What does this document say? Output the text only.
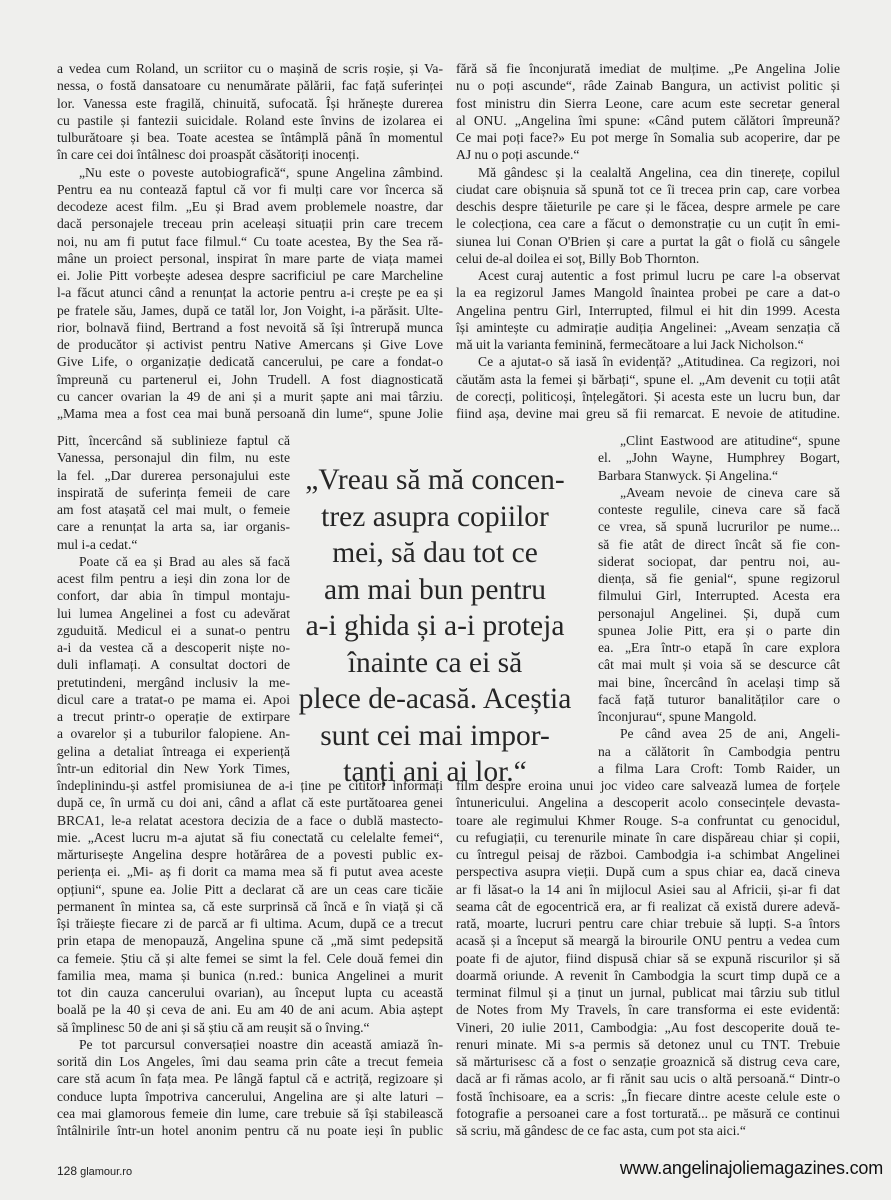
a vedea cum Roland, un scriitor cu o mașină de scris roșie, și Va-
nessa, o fostă dansatoare cu nenumărate pălării, fac față suferinței
lor. Vanessa este fragilă, chinuită, sufocată. Își hrănește durerea
cu pastile și fantezii suicidale. Roland este învins de izolarea ei
tulburătoare și bea. Toate acestea se întâmplă până în momentul
în care cei doi întâlnesc doi proaspăt căsătoriți inocenți.
„Nu este o poveste autobiografică“, spune Angelina zâmbind.
Pentru ea nu contează faptul că vor fi mulți care vor încerca să
decodeze acest film. „Eu și Brad avem problemele noastre, dar
dacă personajele treceau prin aceleași situații prin care trecem
noi, nu am fi putut face filmul.“ Cu toate acestea, By the Sea ră-
mâne un proiect personal, inspirat în mare parte de viața mamei
ei. Jolie Pitt vorbește adesea despre sacrificiul pe care Marcheline
l-a făcut atunci când a renunțat la actorie pentru a-i crește pe ea și
pe fratele său, James, după ce tatăl lor, Jon Voight, i-a părăsit. Ulte-
rior, bolnavă fiind, Bertrand a fost nevoită să își întrerupă munca
de producător și activist pentru Native Amercans și Give Love
Give Life, o organizație dedicată cancerului, pe care a fondat-o
împreună cu partenerul ei, John Trudell. A fost diagnosticată
cu cancer ovarian la 49 de ani și a murit șapte ani mai târziu.
„Mama mea a fost cea mai bună persoană din lume“, spune Jolie
Pitt, încercând să sublinieze faptul că
Vanessa, personajul din film, nu este
la fel. „Dar durerea personajului este
inspirată de suferința femeii de care
am fost atașată cel mai mult, o femeie
care a renunțat la arta sa, iar organis-
mul i-a cedat.“
Poate că ea și Brad au ales să facă
acest film pentru a ieși din zona lor de
confort, dar abia în timpul montaju-
lui lumea Angelinei a fost cu adevărat
zguduită. Medicul ei a sunat-o pentru
a-i da vestea că a descoperit niște no-
duli inflamați. A consultat doctori de
pretutindeni, mergând inclusiv la me-
dicul care a tratat-o pe mama ei. Apoi
a trecut printr-o operație de extirpare
a ovarelor și a tuburilor falopiene. An-
gelina a detaliat întreaga ei experiență
într-un editorial din New York Times,
îndeplinindu-și astfel promisiunea de a-i ține pe cititori informați
după ce, în urmă cu doi ani, când a aflat că este purtătoarea genei
BRCA1, le-a relatat acestora decizia de a face o dublă mastecto-
mie. „Acest lucru m-a ajutat să fiu conectată cu celelalte femei“,
mărturisește Angelina despre hotărârea de a povesti public ex-
periența ei. „Mi- aș fi dorit ca mama mea să fi putut avea aceste
opțiuni“, spune ea. Jolie Pitt a declarat că are un ceas care ticăie
permanent în mintea sa, că este surprinsă că încă e în viață și că
își trăiește fiecare zi de parcă ar fi ultima. Acum, după ce a trecut
prin etapa de menopauză, Angelina spune că „mă simt pedepsită
ca femeie. Știu că și alte femei se simt la fel. Cele două femei din
familia mea, mama și bunica (n.red.: bunica Angelinei a murit
tot din cauza cancerului ovarian), au început lupta cu această
boală pe la 40 și ceva de ani. Eu am 40 de ani acum. Abia aștept
să împlinesc 50 de ani și să știu că am reușit să o înving.“
Pe tot parcursul conversației noastre din această amiază în-
sorită din Los Angeles, îmi dau seama prin câte a trecut femeia
care stă acum în fața mea. Pe lângă faptul că e actriță, regizoare și
conduce lupta împotriva cancerului, Angelina are și alte laturi –
cea mai glamorous femeie din lume, care trebuie să își stabilească
întâlnirile într-un hotel anonim pentru că nu poate ieși în public
fără să fie înconjurată imediat de mulțime. „Pe Angelina Jolie
nu o poți ascunde“, râde Zainab Bangura, un activist politic și
fost ministru din Sierra Leone, care acum este secretar general
al ONU. „Angelina îmi spune: «Când putem călători împreună?
Ce mai poți face?» Eu pot merge în Somalia sub acoperire, dar pe
AJ nu o poți ascunde.“
Mă gândesc și la cealaltă Angelina, cea din tinerețe, copilul
ciudat care obișnuia să spună tot ce îi trecea prin cap, care vorbea
deschis despre tăieturile pe care și le făcea, despre armele pe care
le colecționa, cea care a făcut o demonstrație cu un cuțit în emi-
siunea lui Conan O'Brien și care a purtat la gât o fiolă cu sângele
celui de-al doilea ei soț, Billy Bob Thornton.
Acest curaj autentic a fost primul lucru pe care l-a observat
la ea regizorul James Mangold înaintea probei pe care a dat-o
Angelina pentru Girl, Interrupted, filmul ei hit din 1999. Acesta
își amintește cu admirație audiția Angelinei: „Aveam senzația că
mă uit la varianta feminină, fermecătoare a lui Jack Nicholson.“
Ce a ajutat-o să iasă în evidență? „Atitudinea. Ca regizori, noi
căutăm asta la femei și bărbați“, spune el. „Am devenit cu toții atât
de corecți, politicoși, înțelegători. Și acesta este un lucru bun, dar
fiind așa, devine mai greu să fii remarcat. E nevoie de atitudine.
„Clint Eastwood are atitudine“, spune
el. „John Wayne, Humphrey Bogart,
Barbara Stanwyck. Și Angelina.“
„Aveam nevoie de cineva care să
conteste regulile, cineva care să facă
ce vrea, să spună lucrurilor pe nume...
să fie atât de direct încât să fie con-
siderat sociopat, dar pentru noi, au-
diența, să fie genial“, spune regizorul
filmului Girl, Interrupted. Acesta era
personajul Angelinei. Și, după cum
spunea Jolie Pitt, era și o parte din
ea. „Era într-o etapă în care explora
cât mai mult și voia să se descurce cât
mai bine, încercând în același timp să
facă față tuturor banalităților care o
înconjurau“, spune Mangold.
Pe când avea 25 de ani, Angeli-
na a călătorit în Cambodgia pentru
a filma Lara Croft: Tomb Raider, un
film despre eroina unui joc video care salvează lumea de forțele
întunericului. Angelina a descoperit acolo consecințele devasta-
toare ale regimului Khmer Rouge. S-a confruntat cu genocidul,
cu refugiații, cu terenurile minate în care dispăreau chiar și copii,
cu întregul peisaj de război. Cambodgia i-a schimbat Angelinei
perspectiva asupra vieții. După cum a spus chiar ea, dacă cineva
ar fi lăsat-o la 14 ani în mijlocul Asiei sau al Africii, și-ar fi dat
seama cât de egocentrică era, ar fi realizat că există durere adevă-
rată, moarte, lucruri pentru care chiar trebuie să lupți. S-a întors
acasă și a început să meargă la birourile ONU pentru a vedea cum
poate fi de ajutor, fiind dispusă chiar să se expună riscurilor și să
doarmă oriunde. A revenit în Cambodgia la scurt timp după ce a
terminat filmul și a ținut un jurnal, publicat mai târziu sub titlul
de Notes from My Travels, în care transforma ei este evidentă:
Vineri, 20 iulie 2011, Cambodgia: „Au fost descoperite două te-
renuri minate. Mi s-a permis să detonez unul cu TNT. Trebuie
să mărturisesc că a fost o senzație groaznică să distrug ceva care,
dacă ar fi rămas acolo, ar fi rănit sau ucis o altă persoană.“ Dintr-o
fostă închisoare, ea a scris: „În fiecare dintre aceste celule este o
fotografie a persoanei care a fost torturată... pe măsură ce continui
să scriu, mă gândesc de ce fac asta, cum pot sta aici.“
„Vreau să mă concen-
trez asupra copiilor
mei, să dau tot ce
am mai bun pentru
a-i ghida și a-i proteja
înainte ca ei să
plece de-acasă. Aceștia
sunt cei mai impor-
tanți ani ai lor.“
128 glamour.ro	www.angelinajoliemagazines.com
